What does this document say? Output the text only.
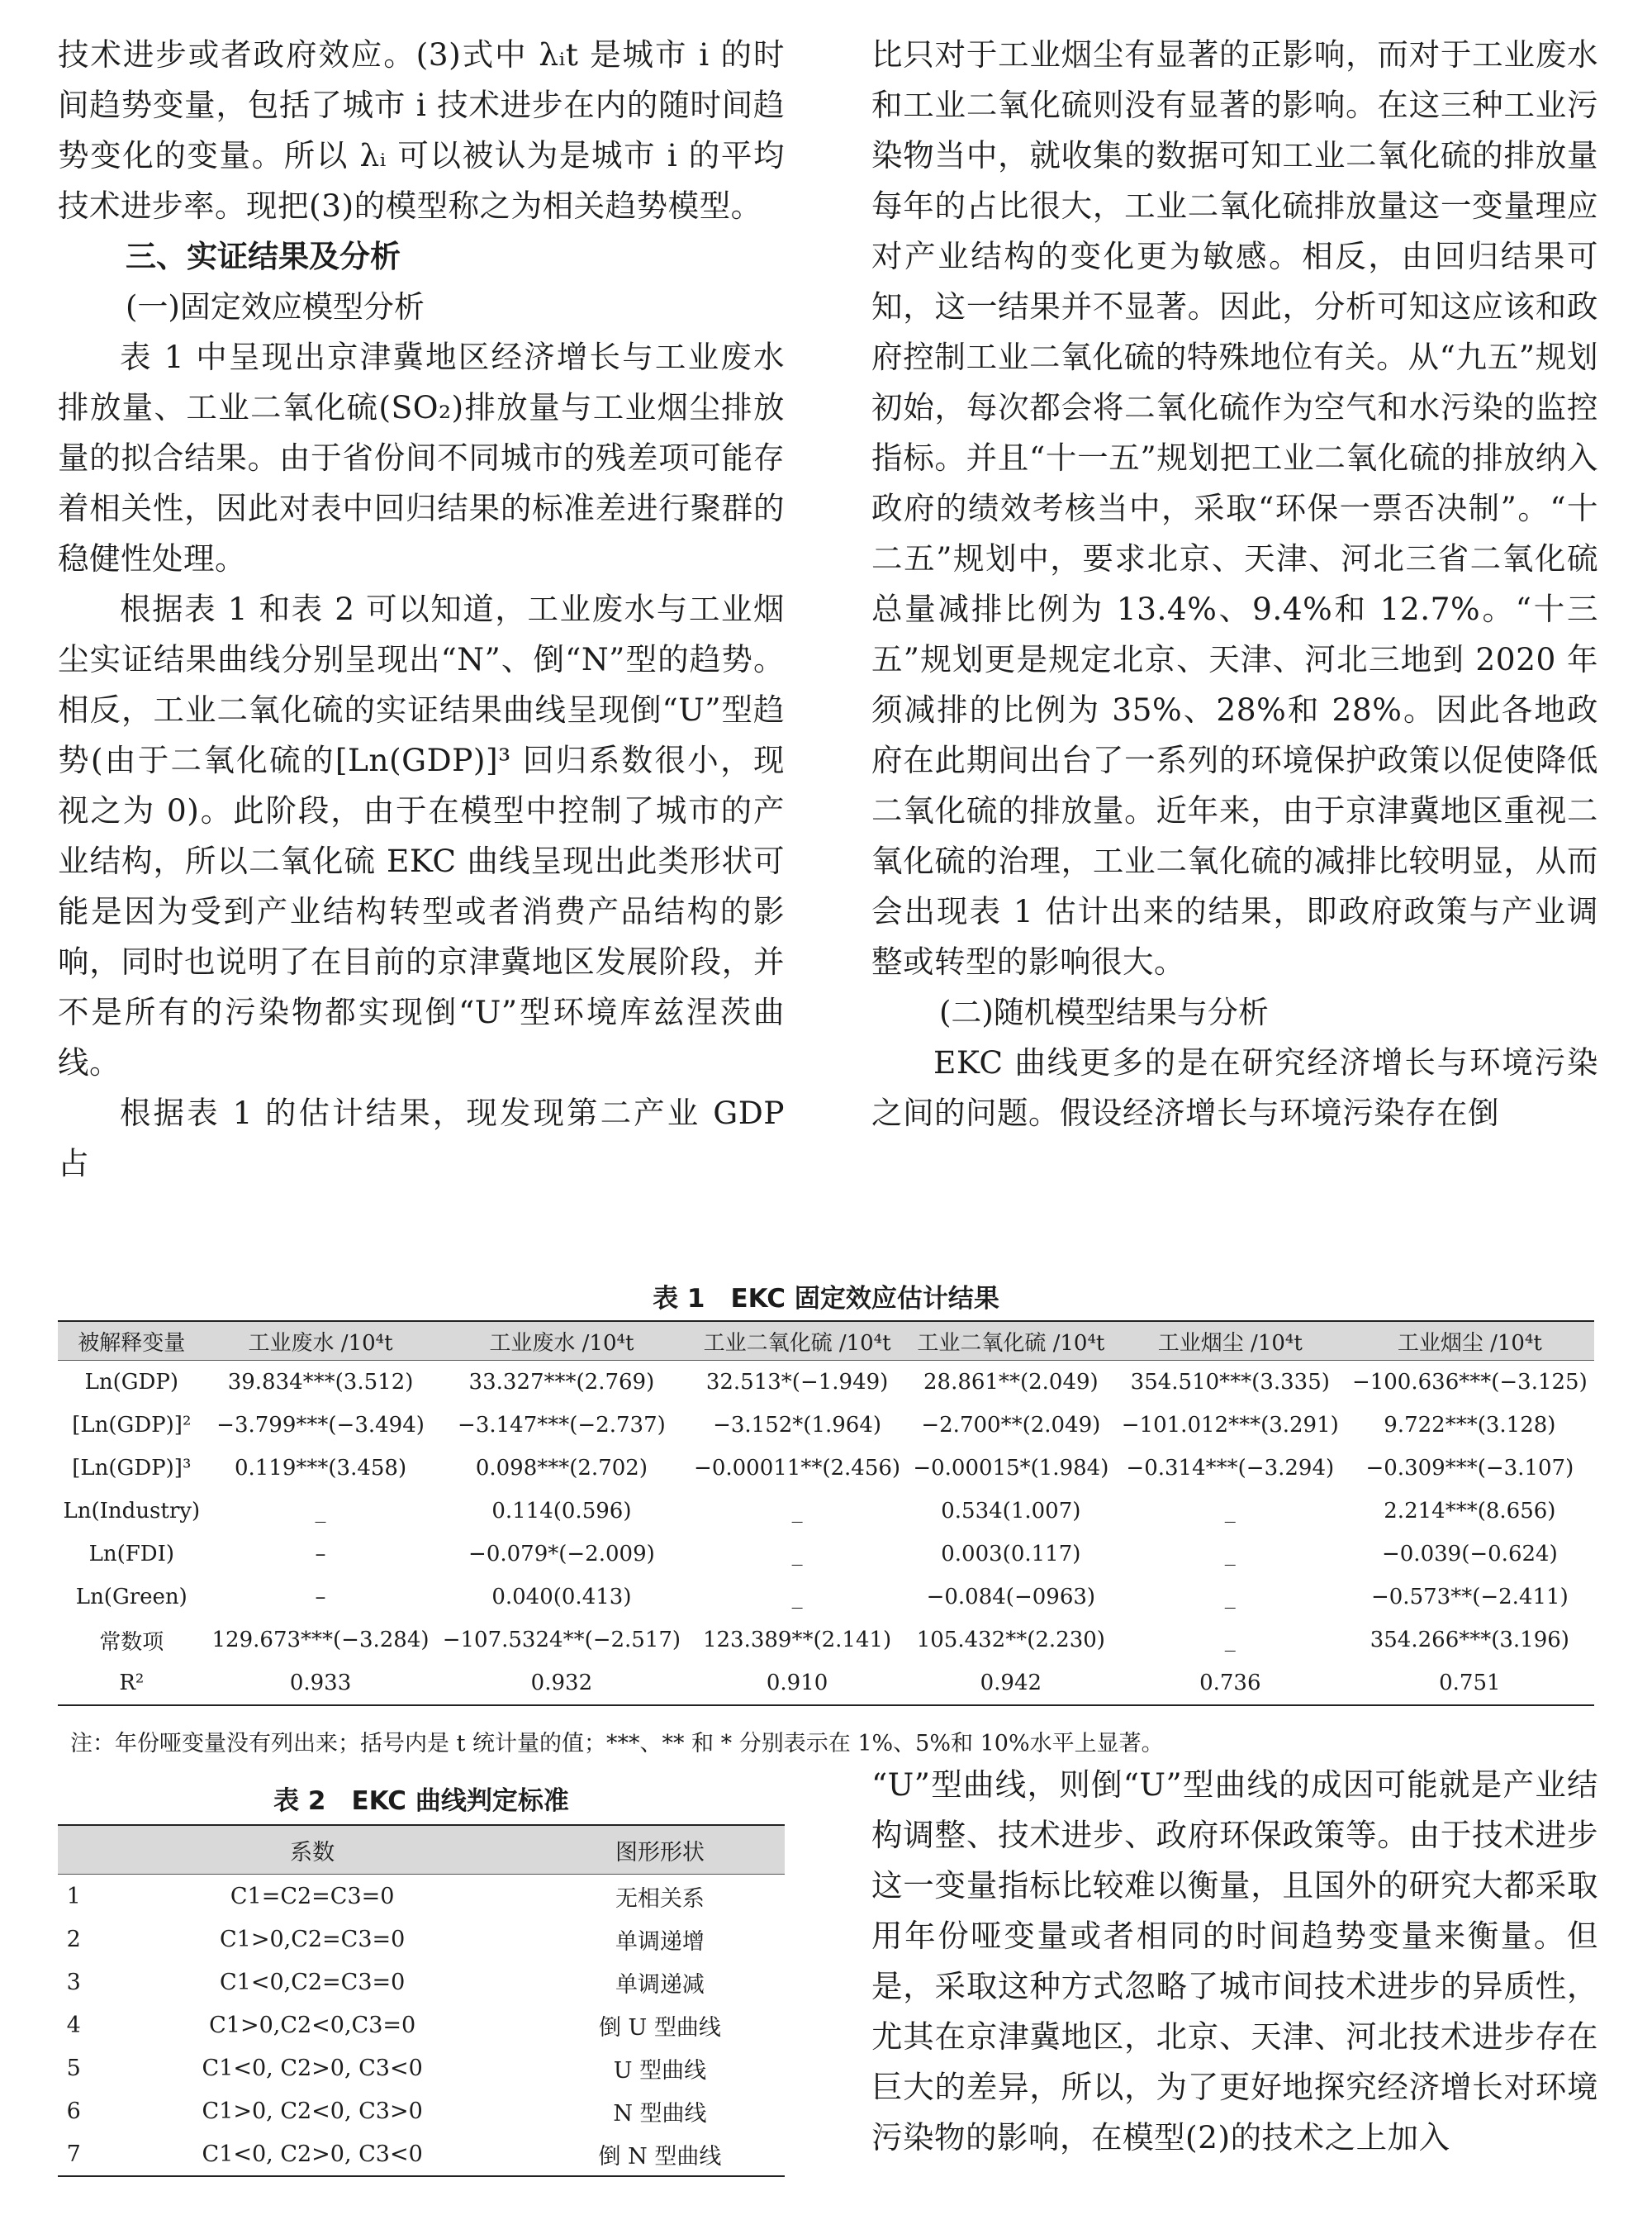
技术进步或者政府效应。(3)式中 λᵢt 是城市 i 的时间趋势变量，包括了城市 i 技术进步在内的随时间趋势变化的变量。所以 λᵢ 可以被认为是城市 i 的平均技术进步率。现把(3)的模型称之为相关趋势模型。

三、实证结果及分析

(一)固定效应模型分析

表 1 中呈现出京津冀地区经济增长与工业废水排放量、工业二氧化硫(SO₂)排放量与工业烟尘排放量的拟合结果。由于省份间不同城市的残差项可能存着相关性，因此对表中回归结果的标准差进行聚群的稳健性处理。

根据表 1 和表 2 可以知道，工业废水与工业烟尘实证结果曲线分别呈现出“N”、倒“N”型的趋势。相反，工业二氧化硫的实证结果曲线呈现倒“U”型趋势(由于二氧化硫的[Ln(GDP)]³ 回归系数很小，现视之为 0)。此阶段，由于在模型中控制了城市的产业结构，所以二氧化硫 EKC 曲线呈现出此类形状可能是因为受到产业结构转型或者消费产品结构的影响，同时也说明了在目前的京津冀地区发展阶段，并不是所有的污染物都实现倒“U”型环境库兹涅茨曲线。

根据表 1 的估计结果，现发现第二产业 GDP 占

比只对于工业烟尘有显著的正影响，而对于工业废水和工业二氧化硫则没有显著的影响。在这三种工业污染物当中，就收集的数据可知工业二氧化硫的排放量每年的占比很大，工业二氧化硫排放量这一变量理应对产业结构的变化更为敏感。相反，由回归结果可知，这一结果并不显著。因此，分析可知这应该和政府控制工业二氧化硫的特殊地位有关。从“九五”规划初始，每次都会将二氧化硫作为空气和水污染的监控指标。并且“十一五”规划把工业二氧化硫的排放纳入政府的绩效考核当中，采取“环保一票否决制”。“十二五”规划中，要求北京、天津、河北三省二氧化硫总量减排比例为 13.4%、9.4%和 12.7%。“十三五”规划更是规定北京、天津、河北三地到 2020 年须减排的比例为 35%、28%和 28%。因此各地政府在此期间出台了一系列的环境保护政策以促使降低二氧化硫的排放量。近年来，由于京津冀地区重视二氧化硫的治理，工业二氧化硫的减排比较明显，从而会出现表 1 估计出来的结果，即政府政策与产业调整或转型的影响很大。

(二)随机模型结果与分析

EKC 曲线更多的是在研究经济增长与环境污染之间的问题。假设经济增长与环境污染存在倒

表 1　EKC 固定效应估计结果
被解释变量	工业废水 /10⁴t	工业废水 /10⁴t	工业二氧化硫 /10⁴t	工业二氧化硫 /10⁴t	工业烟尘 /10⁴t	工业烟尘 /10⁴t
Ln(GDP)	39.834***(3.512)	33.327***(2.769)	32.513*(−1.949)	28.861**(2.049)	354.510***(3.335)	−100.636***(−3.125)
[Ln(GDP)]²	−3.799***(−3.494)	−3.147***(−2.737)	−3.152*(1.964)	−2.700**(2.049)	−101.012***(3.291)	9.722***(3.128)
[Ln(GDP)]³	0.119***(3.458)	0.098***(2.702)	−0.00011**(2.456)	−0.00015*(1.984)	−0.314***(−3.294)	−0.309***(−3.107)
Ln(Industry)	_	0.114(0.596)	_	0.534(1.007)	_	2.214***(8.656)
Ln(FDI)	–	−0.079*(−2.009)	_	0.003(0.117)	_	−0.039(−0.624)
Ln(Green)	–	0.040(0.413)	_	−0.084(−0963)	_	−0.573**(−2.411)
常数项	129.673***(−3.284)	−107.5324**(−2.517)	123.389**(2.141)	105.432**(2.230)	_	354.266***(3.196)
R²	0.933	0.932	0.910	0.942	0.736	0.751
注：年份哑变量没有列出来；括号内是 t 统计量的值；***、** 和 * 分别表示在 1%、5%和 10%水平上显著。
表 2　EKC 曲线判定标准
	系数	图形形状
1	C1=C2=C3=0	无相关系
2	C1>0,C2=C3=0	单调递增
3	C1<0,C2=C3=0	单调递减
4	C1>0,C2<0,C3=0	倒 U 型曲线
5	C1<0, C2>0, C3<0	U 型曲线
6	C1>0, C2<0, C3>0	N 型曲线
7	C1<0, C2>0, C3<0	倒 N 型曲线

“U”型曲线，则倒“U”型曲线的成因可能就是产业结构调整、技术进步、政府环保政策等。由于技术进步这一变量指标比较难以衡量，且国外的研究大都采取用年份哑变量或者相同的时间趋势变量来衡量。但是，采取这种方式忽略了城市间技术进步的异质性，尤其在京津冀地区，北京、天津、河北技术进步存在巨大的差异，所以，为了更好地探究经济增长对环境污染物的影响，在模型(2)的技术之上加入
